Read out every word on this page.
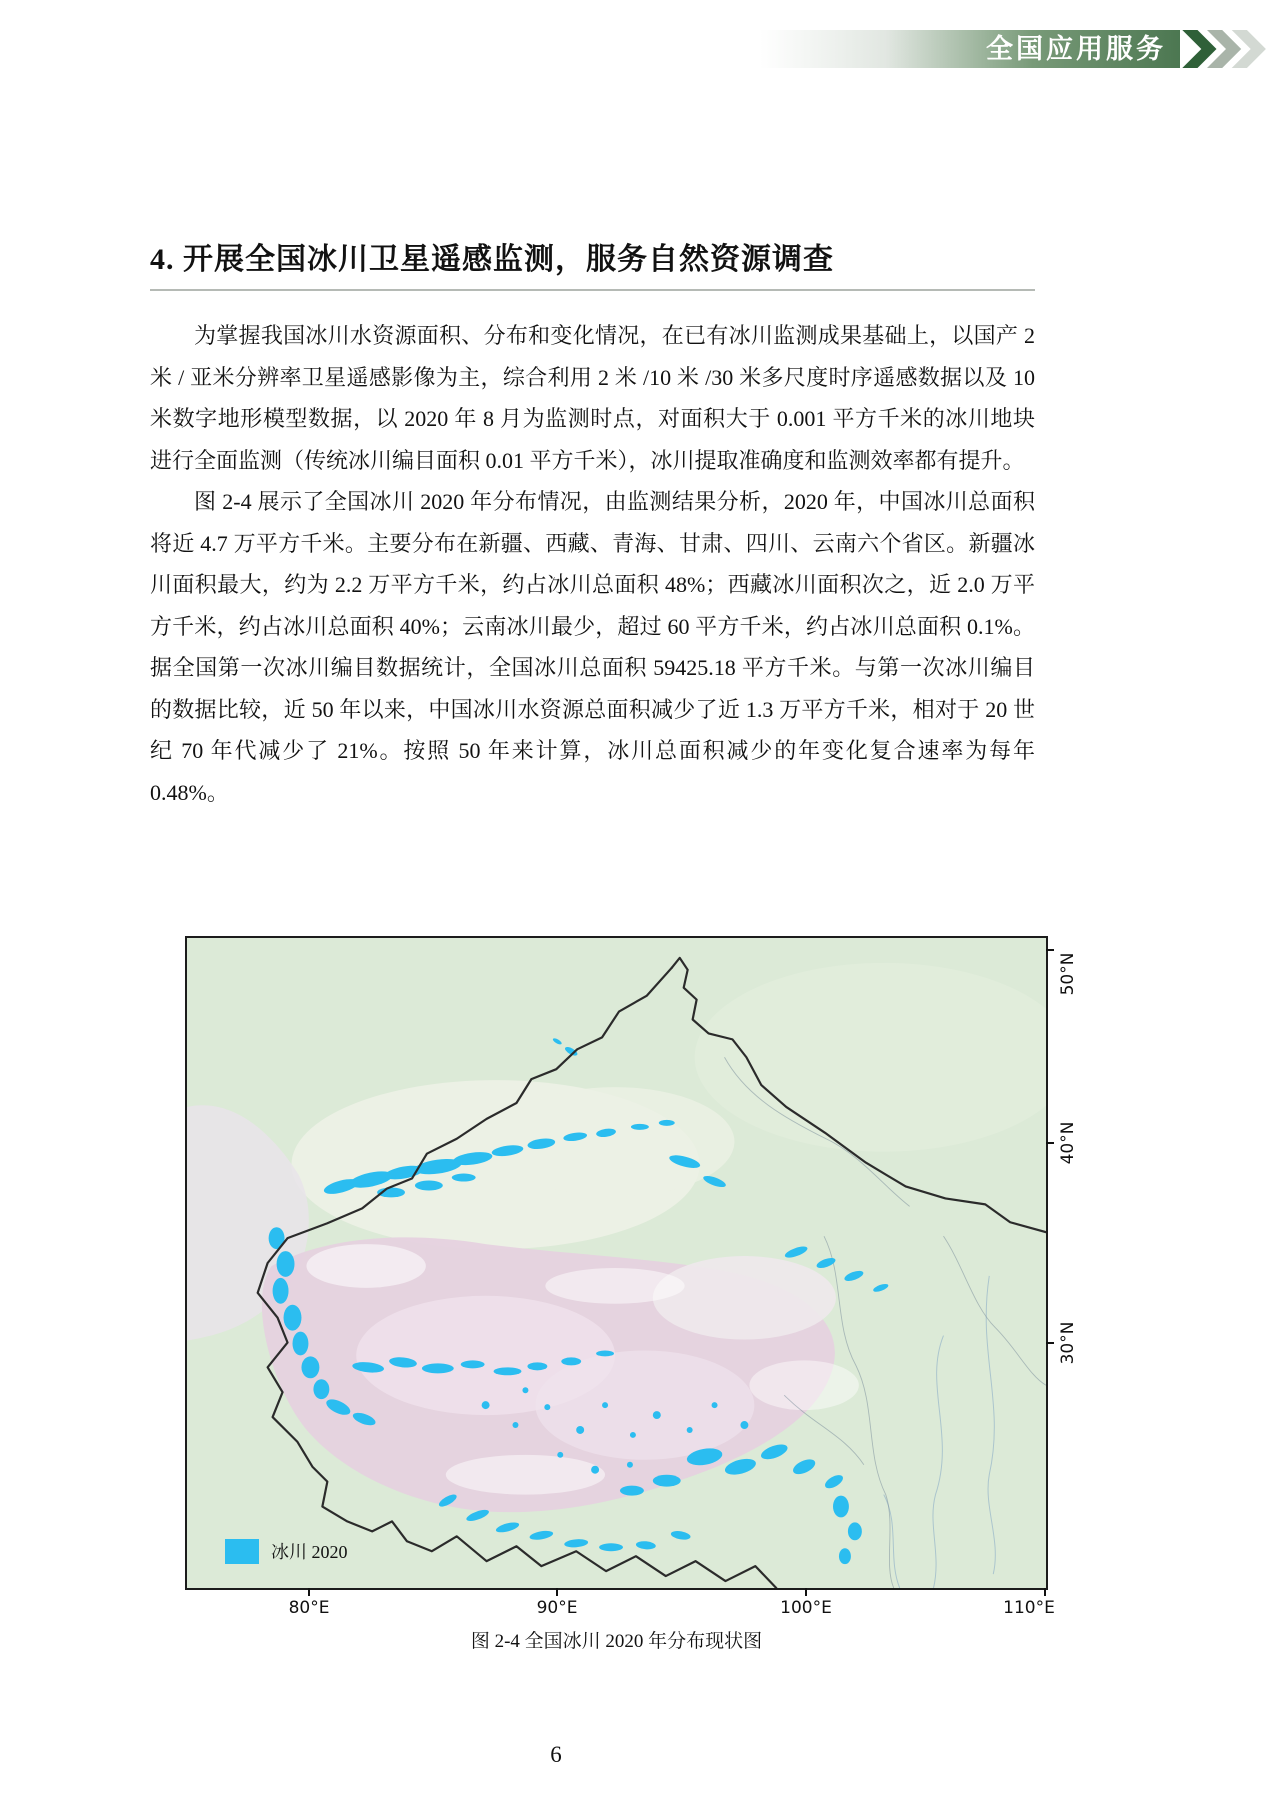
全国应用服务
4. 开展全国冰川卫星遥感监测，服务自然资源调查

为掌握我国冰川水资源面积、分布和变化情况，在已有冰川监测成果基础上，以国产 2 米 / 亚米分辨率卫星遥感影像为主，综合利用 2 米 /10 米 /30 米多尺度时序遥感数据以及 10 米数字地形模型数据，以 2020 年 8 月为监测时点，对面积大于 0.001 平方千米的冰川地块进行全面监测（传统冰川编目面积 0.01 平方千米），冰川提取准确度和监测效率都有提升。

图 2-4 展示了全国冰川 2020 年分布情况，由监测结果分析，2020 年，中国冰川总面积将近 4.7 万平方千米。主要分布在新疆、西藏、青海、甘肃、四川、云南六个省区。新疆冰川面积最大，约为 2.2 万平方千米，约占冰川总面积 48%；西藏冰川面积次之，近 2.0 万平方千米，约占冰川总面积 40%；云南冰川最少，超过 60 平方千米，约占冰川总面积 0.1%。据全国第一次冰川编目数据统计，全国冰川总面积 59425.18 平方千米。与第一次冰川编目的数据比较，近 50 年以来，中国冰川水资源总面积减少了近 1.3 万平方千米，相对于 20 世纪 70 年代减少了 21%。按照 50 年来计算，冰川总面积减少的年变化复合速率为每年 0.48%。

冰川 2020
80°E	90°E	100°E	110°E
50°N
40°N
30°N
图 2-4 全国冰川 2020 年分布现状图
6
